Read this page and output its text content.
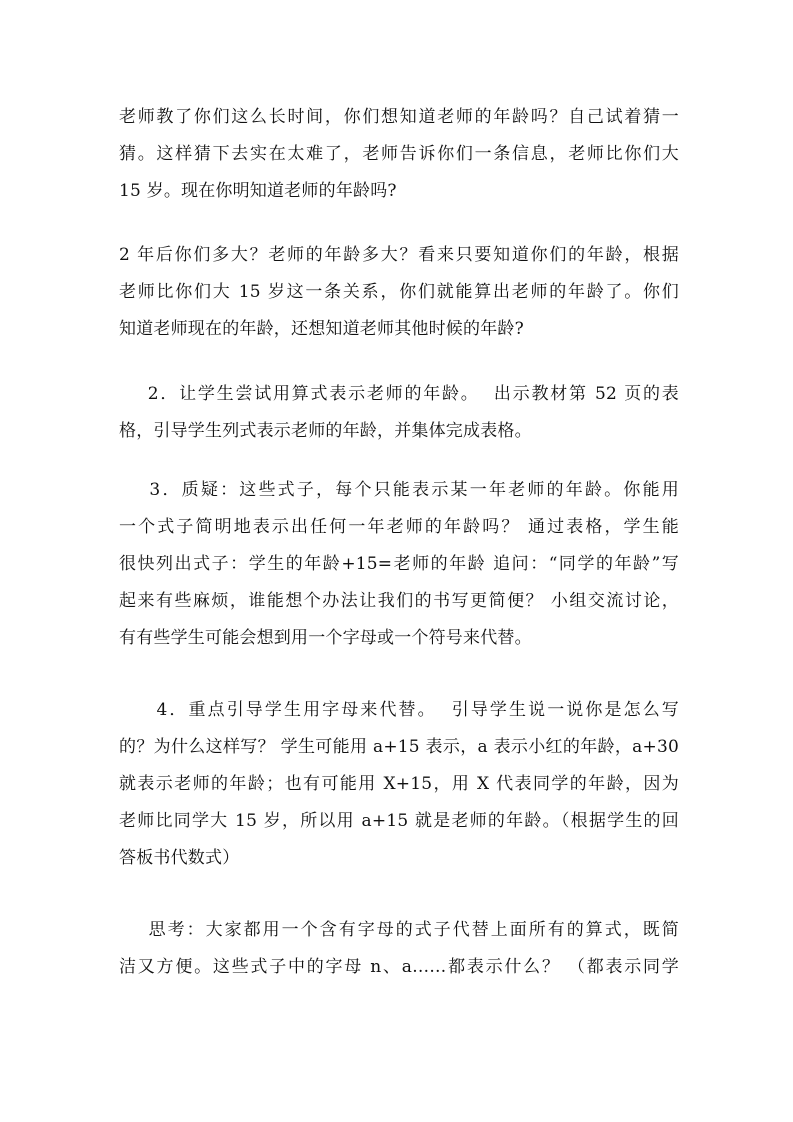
老师教了你们这么长时间，你们想知道老师的年龄吗？自己试着猜一
猜。这样猜下去实在太难了，老师告诉你们一条信息，老师比你们大
15 岁。现在你明知道老师的年龄吗?
2 年后你们多大？老师的年龄多大？看来只要知道你们的年龄，根据
老师比你们大 15 岁这一条关系，你们就能算出老师的年龄了。你们
知道老师现在的年龄，还想知道老师其他时候的年龄?
2．让学生尝试用算式表示老师的年龄。  出示教材第 52 页的表
格，引导学生列式表示老师的年龄，并集体完成表格。
3．质疑：这些式子，每个只能表示某一年老师的年龄。你能用
一个式子简明地表示出任何一年老师的年龄吗？ 通过表格，学生能
很快列出式子：学生的年龄+15=老师的年龄 追问：“同学的年龄”写
起来有些麻烦，谁能想个办法让我们的书写更简便？ 小组交流讨论，
有有些学生可能会想到用一个字母或一个符号来代替。
4．重点引导学生用字母来代替。  引导学生说一说你是怎么写
的？为什么这样写？ 学生可能用 a+15 表示，a 表示小红的年龄，a+30
就表示老师的年龄；也有可能用 X+15，用 X 代表同学的年龄，因为
老师比同学大 15 岁，所以用 a+15 就是老师的年龄。（根据学生的回
答板书代数式）
思考：大家都用一个含有字母的式子代替上面所有的算式，既简
洁又方便。这些式子中的字母 n、a……都表示什么？ （都表示同学
